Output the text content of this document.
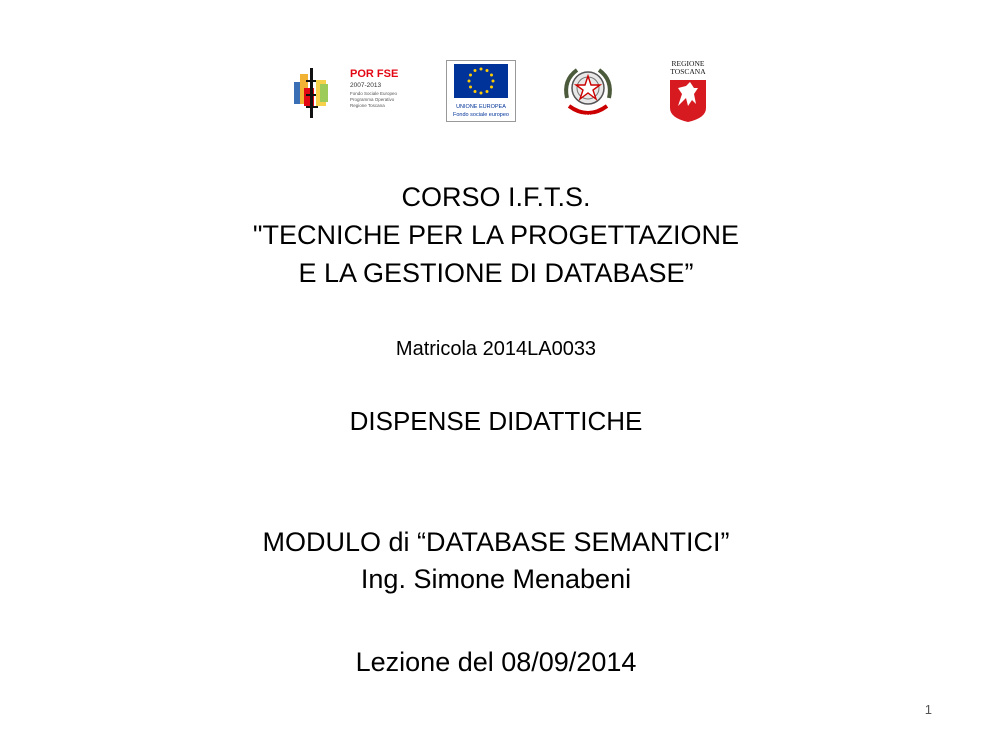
POR FSE
2007-2013
Fondo Sociale Europeo
Programma Operativo
Regione Toscana	UNIONE EUROPEA
Fondo sociale europeo	REPUBBLICA ITALIANA
REGIONE
TOSCANA
CORSO I.F.T.S.
"TECNICHE PER LA PROGETTAZIONE
E LA GESTIONE DI DATABASE”
Matricola 2014LA0033
DISPENSE DIDATTICHE
MODULO di “DATABASE SEMANTICI”
Ing. Simone Menabeni
Lezione del 08/09/2014
1
